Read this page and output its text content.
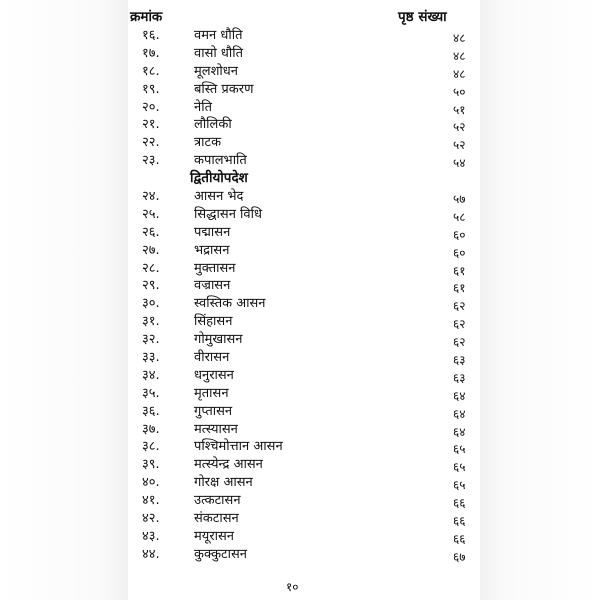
क्रमांक	पृष्ठ संख्या
१६.	वमन धौति	४८
१७.	वासो धौति	४८
१८.	मूलशोधन	४८
१९.	बस्ति प्रकरण	५०
२०.	नेति	५१
२१.	लौलिकी	५२
२२.	त्राटक	५२
२३.	कपालभाति	५४
द्वितीयोपदेश
२४.	आसन भेद	५७
२५.	सिद्धासन विधि	५८
२६.	पद्मासन	६०
२७.	भद्रासन	६०
२८.	मुक्तासन	६१
२९.	वज्रासन	६१
३०.	स्वस्तिक आसन	६२
३१.	सिंहासन	६२
३२.	गोमुखासन	६२
३३.	वीरासन	६३
३४.	धनुरासन	६३
३५.	मृतासन	६४
३६.	गुप्तासन	६४
३७.	मत्स्यासन	६४
३८.	पश्चिमोत्तान आसन	६५
३९.	मत्स्येन्द्र आसन	६५
४०.	गोरक्ष आसन	६५
४१.	उत्कटासन	६६
४२.	संकटासन	६६
४३.	मयूरासन	६६
४४.	कुक्कुटासन	६७
१०
